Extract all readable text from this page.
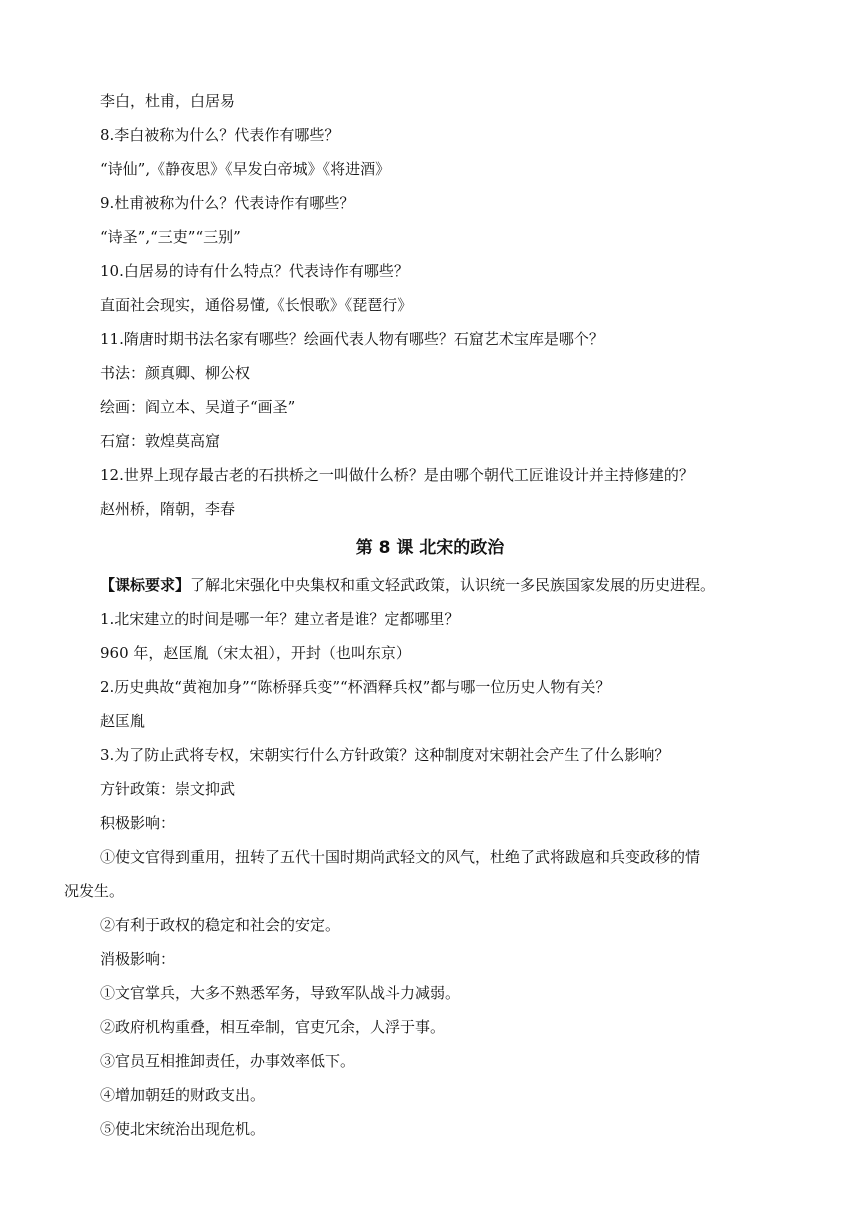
李白，杜甫，白居易
8.李白被称为什么？代表作有哪些？
“诗仙”,《静夜思》《早发白帝城》《将进酒》
9.杜甫被称为什么？代表诗作有哪些？
“诗圣”,“三吏”“三别”
10.白居易的诗有什么特点？代表诗作有哪些？
直面社会现实，通俗易懂,《长恨歌》《琵琶行》
11.隋唐时期书法名家有哪些？绘画代表人物有哪些？石窟艺术宝库是哪个？
书法：颜真卿、柳公权
绘画：阎立本、吴道子“画圣”
石窟：敦煌莫高窟
12.世界上现存最古老的石拱桥之一叫做什么桥？是由哪个朝代工匠谁设计并主持修建的？
赵州桥，隋朝，李春
第 8 课 北宋的政治
【课标要求】了解北宋强化中央集权和重文轻武政策，认识统一多民族国家发展的历史进程。
1.北宋建立的时间是哪一年？建立者是谁？定都哪里？
960 年，赵匡胤（宋太祖），开封（也叫东京）
2.历史典故“黄袍加身”“陈桥驿兵变”“杯酒释兵权”都与哪一位历史人物有关？
赵匡胤
3.为了防止武将专权，宋朝实行什么方针政策？这种制度对宋朝社会产生了什么影响？
方针政策：崇文抑武
积极影响：
①使文官得到重用，扭转了五代十国时期尚武轻文的风气，杜绝了武将跋扈和兵变政移的情
况发生。
②有利于政权的稳定和社会的安定。
消极影响：
①文官掌兵，大多不熟悉军务，导致军队战斗力减弱。
②政府机构重叠，相互牵制，官吏冗余，人浮于事。
③官员互相推卸责任，办事效率低下。
④增加朝廷的财政支出。
⑤使北宋统治出现危机。
